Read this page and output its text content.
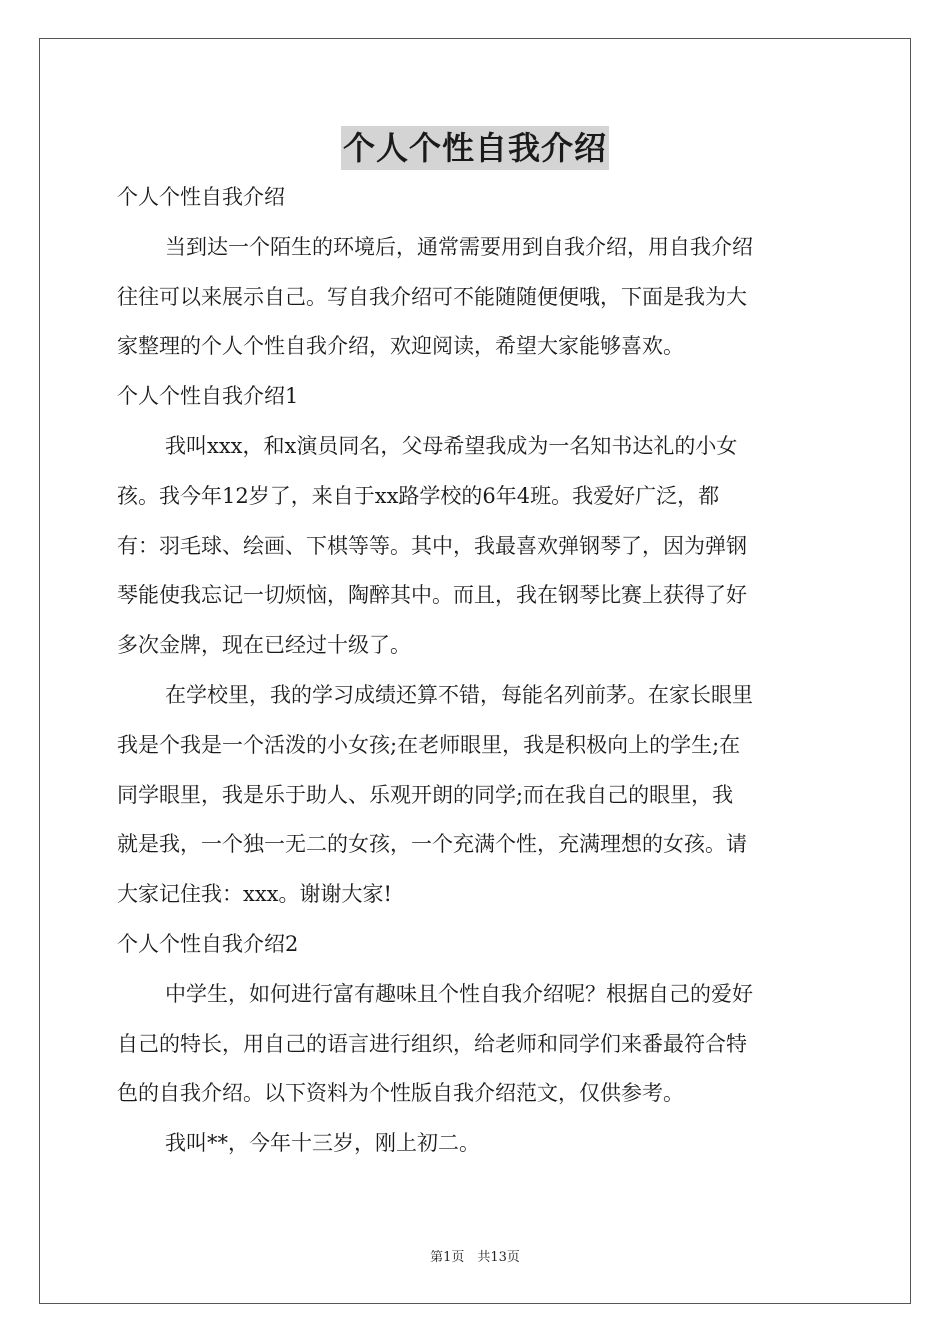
个人个性自我介绍

个人个性自我介绍

当到达一个陌生的环境后，通常需要用到自我介绍，用自我介绍

往往可以来展示自己。写自我介绍可不能随随便便哦，下面是我为大

家整理的个人个性自我介绍，欢迎阅读，希望大家能够喜欢。

个人个性自我介绍1

我叫xxx，和x演员同名，父母希望我成为一名知书达礼的小女

孩。我今年12岁了，来自于xx路学校的6年4班。我爱好广泛，都

有：羽毛球、绘画、下棋等等。其中，我最喜欢弹钢琴了，因为弹钢

琴能使我忘记一切烦恼，陶醉其中。而且，我在钢琴比赛上获得了好

多次金牌，现在已经过十级了。

在学校里，我的学习成绩还算不错，每能名列前茅。在家长眼里

我是个我是一个活泼的小女孩;在老师眼里，我是积极向上的学生;在

同学眼里，我是乐于助人、乐观开朗的同学;而在我自己的眼里，我

就是我，一个独一无二的女孩，一个充满个性，充满理想的女孩。请

大家记住我：xxx。谢谢大家!

个人个性自我介绍2

中学生，如何进行富有趣味且个性自我介绍呢？根据自己的爱好

自己的特长，用自己的语言进行组织，给老师和同学们来番最符合特

色的自我介绍。以下资料为个性版自我介绍范文，仅供参考。

我叫**，今年十三岁，刚上初二。

第1页　共13页
